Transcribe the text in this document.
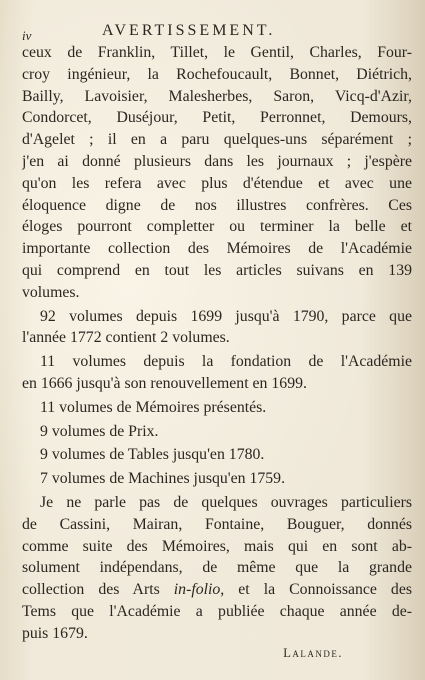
iv	AVERTISSEMENT.
ceux de Franklin, Tillet, le Gentil, Charles, Four-
croy ingénieur, la Rochefoucault, Bonnet, Diétrich,
Bailly, Lavoisier, Malesherbes, Saron, Vicq-d'Azir,
Condorcet, Duséjour, Petit, Perronnet, Demours,
d'Agelet ; il en a paru quelques-uns séparément ;
j'en ai donné plusieurs dans les journaux ; j'espère
qu'on les refera avec plus d'étendue et avec une
éloquence digne de nos illustres confrères. Ces
éloges pourront completter ou terminer la belle et
importante collection des Mémoires de l'Académie
qui comprend en tout les articles suivans en 139
volumes.
92 volumes depuis 1699 jusqu'à 1790, parce que
l'année 1772 contient 2 volumes.
11 volumes depuis la fondation de l'Académie
en 1666 jusqu'à son renouvellement en 1699.
11 volumes de Mémoires présentés.
9 volumes de Prix.
9 volumes de Tables jusqu'en 1780.
7 volumes de Machines jusqu'en 1759.
Je ne parle pas de quelques ouvrages particuliers
de Cassini, Mairan, Fontaine, Bouguer, donnés
comme suite des Mémoires, mais qui en sont ab-
solument indépendans, de même que la grande
collection des Arts in-folio, et la Connoissance des
Tems que l'Académie a publiée chaque année de-
puis 1679.
Lalande.
